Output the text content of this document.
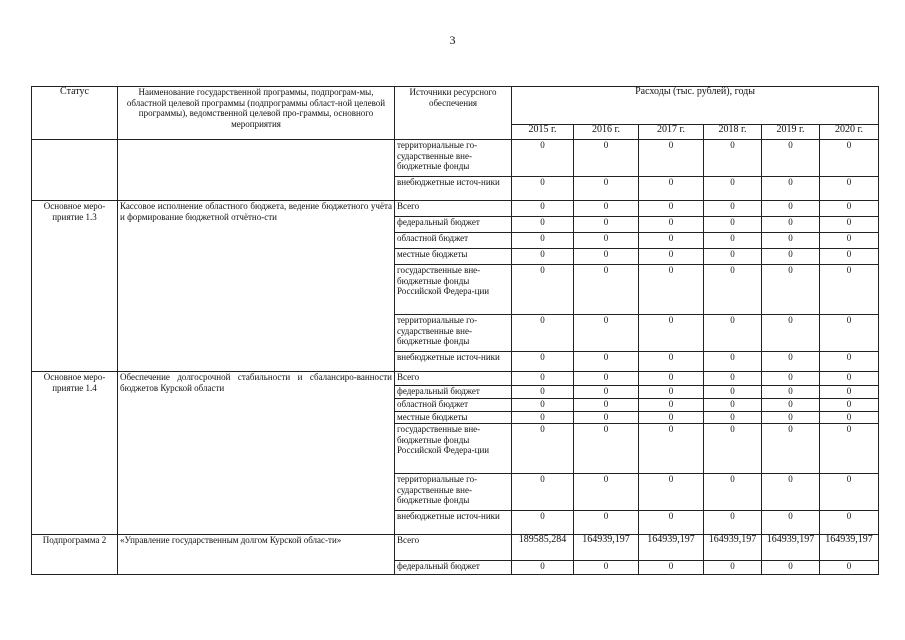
3
Статус	Наименование государственной программы, подпрограм-мы, областной целевой программы (подпрограммы област-ной целевой программы), ведомственной целевой про-граммы, основного мероприятия	Источники ресурсного обеспечения	Расходы (тыс. рублей), годы					
			2015 г.	2016 г.	2017 г.	2018 г.	2019 г.	2020 г.
		территориальные го-сударственные вне-бюджетные фонды	0	0	0	0	0	0
		внебюджетные источ-ники	0	0	0	0	0	0
Основное меро-приятие 1.3	Кассовое исполнение областного бюджета, ведение бюджетного учёта и формирование бюджетной отчётно-сти	Всего	0	0	0	0	0	0
		федеральный бюджет	0	0	0	0	0	0
		областной бюджет	0	0	0	0	0	0
		местные бюджеты	0	0	0	0	0	0
		государственные вне-бюджетные фонды Российской Федера-ции	0	0	0	0	0	0
		территориальные го-сударственные вне-бюджетные фонды	0	0	0	0	0	0
		внебюджетные источ-ники	0	0	0	0	0	0
Основное меро-приятие 1.4	Обеспечение долгосрочной стабильности и сбалансиро-ванности бюджетов Курской области	Всего	0	0	0	0	0	0
		федеральный бюджет	0	0	0	0	0	0
		областной бюджет	0	0	0	0	0	0
		местные бюджеты	0	0	0	0	0	0
		государственные вне-бюджетные фонды Российской Федера-ции	0	0	0	0	0	0
		территориальные го-сударственные вне-бюджетные фонды	0	0	0	0	0	0
		внебюджетные источ-ники	0	0	0	0	0	0
Подпрограмма 2	«Управление государственным долгом Курской облас-ти»	Всего	189585,284	164939,197	164939,197	164939,197	164939,197	164939,197
		федеральный бюджет	0	0	0	0	0	0
